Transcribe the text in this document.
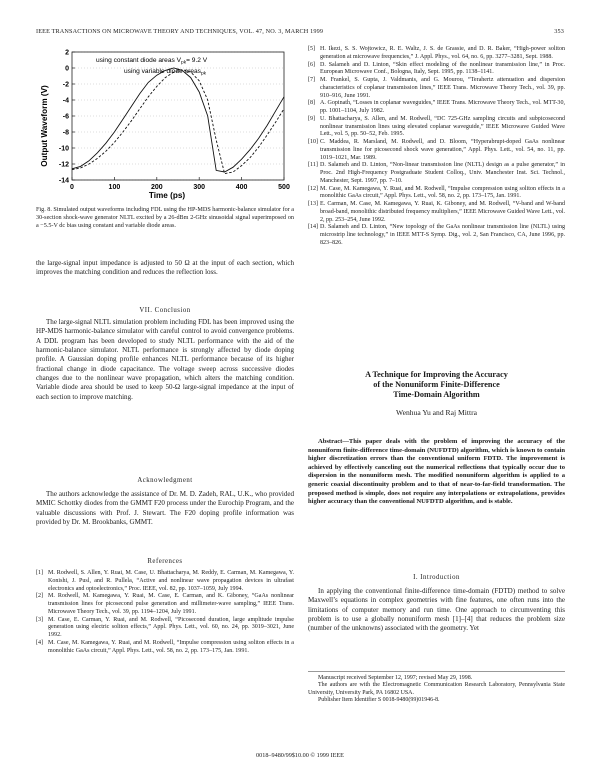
IEEE TRANSACTIONS ON MICROWAVE THEORY AND TECHNIQUES, VOL. 47, NO. 3, MARCH 1999	353
0	100	200	300	400	500
2
0
-2
-4
-6
-8
-10
-12
-14
Output Waveform (V)
Time (ps)
using constant diode areas $V_{pk}= 9.2$ V
using variable diode areas$_{pk}$
Fig. 8. Simulated output waveforms including FDL using the HP-MDS harmonic-balance simulator for a 30-section shock-wave generator NLTL excited by a 26-dBm 2-GHz sinusoidal signal superimposed on a −5.5-V dc bias using constant and variable diode areas.
the large-signal input impedance is adjusted to 50 Ω at the input of each section, which improves the matching condition and reduces the reflection loss.
VII. Conclusion
The large-signal NLTL simulation problem including FDL has been improved using the HP-MDS harmonic-balance simulator with careful control to avoid convergence problems. A DDL program has been developed to study NLTL performance with the aid of the harmonic-balance simulator. NLTL performance is strongly affected by diode doping profile. A Gaussian doping profile enhances NLTL performance because of its higher fractional change in diode capacitance. The voltage sweep across successive diodes changes due to the nonlinear wave propagation, which alters the matching condition. Variable diode area should be used to keep 50-Ω large-signal impedance at the input of each section to improve matching.
Acknowledgment
The authors acknowledge the assistance of Dr. M. D. Zadeh, RAL, U.K., who provided MMIC Schottky diodes from the GMMT F20 process under the Eurochip Program, and the valuable discussions with Prof. J. Stewart. The F20 doping profile information was provided by Dr. M. Brookbanks, GMMT.
References
[1] M. Rodwell, S. Allen, Y. Ruai, M. Case, U. Bhattacharya, M. Reddy, E. Carman, M. Kamegawa, Y. Konishi, J. Pusl, and R. Pullela, “Active and nonlinear wave propagation devices in ultrafast electronics and optoelectronics,” Proc. IEEE, vol. 82, pp. 1037–1059, July 1994.
[2] M. Rodwell, M. Kamegawa, Y. Ruai, M. Case, E. Carman, and K. Giboney, “GaAs nonlinear transmission lines for picosecond pulse generation and millimeter-wave sampling,” IEEE Trans. Microwave Theory Tech., vol. 39, pp. 1194–1204, July 1991.
[3] M. Case, E. Carman, Y. Ruai, and M. Rodwell, “Picosecond duration, large amplitude impulse generation using electric soliton effects,” Appl. Phys. Lett., vol. 60, no. 24, pp. 3019–3021, June 1992.
[4] M. Case, M. Kamegawa, Y. Ruai, and M. Rodwell, “Impulse compression using soliton effects in a monolithic GaAs circuit,” Appl. Phys. Lett., vol. 58, no. 2, pp. 173–175, Jan. 1991.
[5] H. Ikezi, S. S. Wojtowicz, R. E. Waltz, J. S. de Grassie, and D. R. Baker, “High-power soliton generation at microwave frequencies,” J. Appl. Phys., vol. 64, no. 6, pp. 3277–3281, Sept. 1988.
[6] D. Salameh and D. Linton, “Skin effect modeling of the nonlinear transmission line,” in Proc. European Microwave Conf., Bologna, Italy, Sept. 1995, pp. 1138–1141.
[7] M. Frankel, S. Gupta, J. Valdmanis, and G. Mourou, “Terahertz attenuation and dispersion characteristics of coplanar transmission lines,” IEEE Trans. Microwave Theory Tech., vol. 39, pp. 910–916, June 1991.
[8] A. Gopinath, “Losses in coplanar waveguides,” IEEE Trans. Microwave Theory Tech., vol. MTT-30, pp. 1001–1104, July 1982.
[9] U. Bhattacharya, S. Allen, and M. Rodwell, “DC 725-GHz sampling circuits and subpicosecond nonlinear transmission lines using elevated coplanar waveguide,” IEEE Microwave Guided Wave Lett., vol. 5, pp. 50–52, Feb. 1995.
[10] C. Maddea, R. Marsland, M. Rodwell, and D. Bloom, “Hyperabrupt-doped GaAs nonlinear transmission line for picosecond shock wave generation,” Appl. Phys. Lett., vol. 54, no. 11, pp. 1019–1021, Mar. 1989.
[11] D. Salameh and D. Linton, “Non-linear transmission line (NLTL) design as a pulse generator,” in Proc. 2nd High-Frequency Postgraduate Student Colloq., Univ. Manchester Inst. Sci. Technol., Manchester, Sept. 1997, pp. 7–10.
[12] M. Case, M. Kamegawa, Y. Ruai, and M. Rodwell, “Impulse compression using soliton effects in a monolithic GaAs circuit,” Appl. Phys. Lett., vol. 58, no. 2, pp. 173–175, Jan. 1991.
[13] E. Carman, M. Case, M. Kamegawa, Y. Ruai, K. Giboney, and M. Rodwell, “V-band and W-band broad-band, monolithic distributed frequency multipliers,” IEEE Microwave Guided Wave Lett., vol. 2, pp. 253–254, June 1992.
[14] D. Salameh and D. Linton, “New topology of the GaAs nonlinear transmission line (NLTL) using microstrip line technology,” in IEEE MTT-S Symp. Dig., vol. 2, San Francisco, CA, June 1996, pp. 823–826.
A Technique for Improving the Accuracy
of the Nonuniform Finite-Difference
Time-Domain Algorithm
Wenhua Yu and Raj Mittra
Abstract—This paper deals with the problem of improving the accuracy of the nonuniform finite-difference time-domain (NUFDTD) algorithm, which is known to contain higher discretization errors than the conventional uniform FDTD. The improvement is achieved by effectively canceling out the numerical reflections that typically occur due to dispersion in the nonuniform mesh. The modified nonuniform algorithm is applied to a generic coaxial discontinuity problem and to that of near-to-far-field transformation. The proposed method is simple, does not require any interpolations or extrapolations, provides higher accuracy than the conventional NUFDTD algorithm, and is stable.
I. Introduction
In applying the conventional finite-difference time-domain (FDTD) method to solve Maxwell’s equations in complex geometries with fine features, one often runs into the limitations of computer memory and run time. One approach to circumventing this problem is to use a globally nonuniform mesh [1]–[4] that reduces the problem size (number of the unknowns) associated with the geometry. Yet
Manuscript received September 12, 1997; revised May 29, 1998.
The authors are with the Electromagnetic Communication Research Laboratory, Pennsylvania State University, University Park, PA 16802 USA.
Publisher Item Identifier S 0018-9480(99)01946-8.
0018–9480/99$10.00 © 1999 IEEE
